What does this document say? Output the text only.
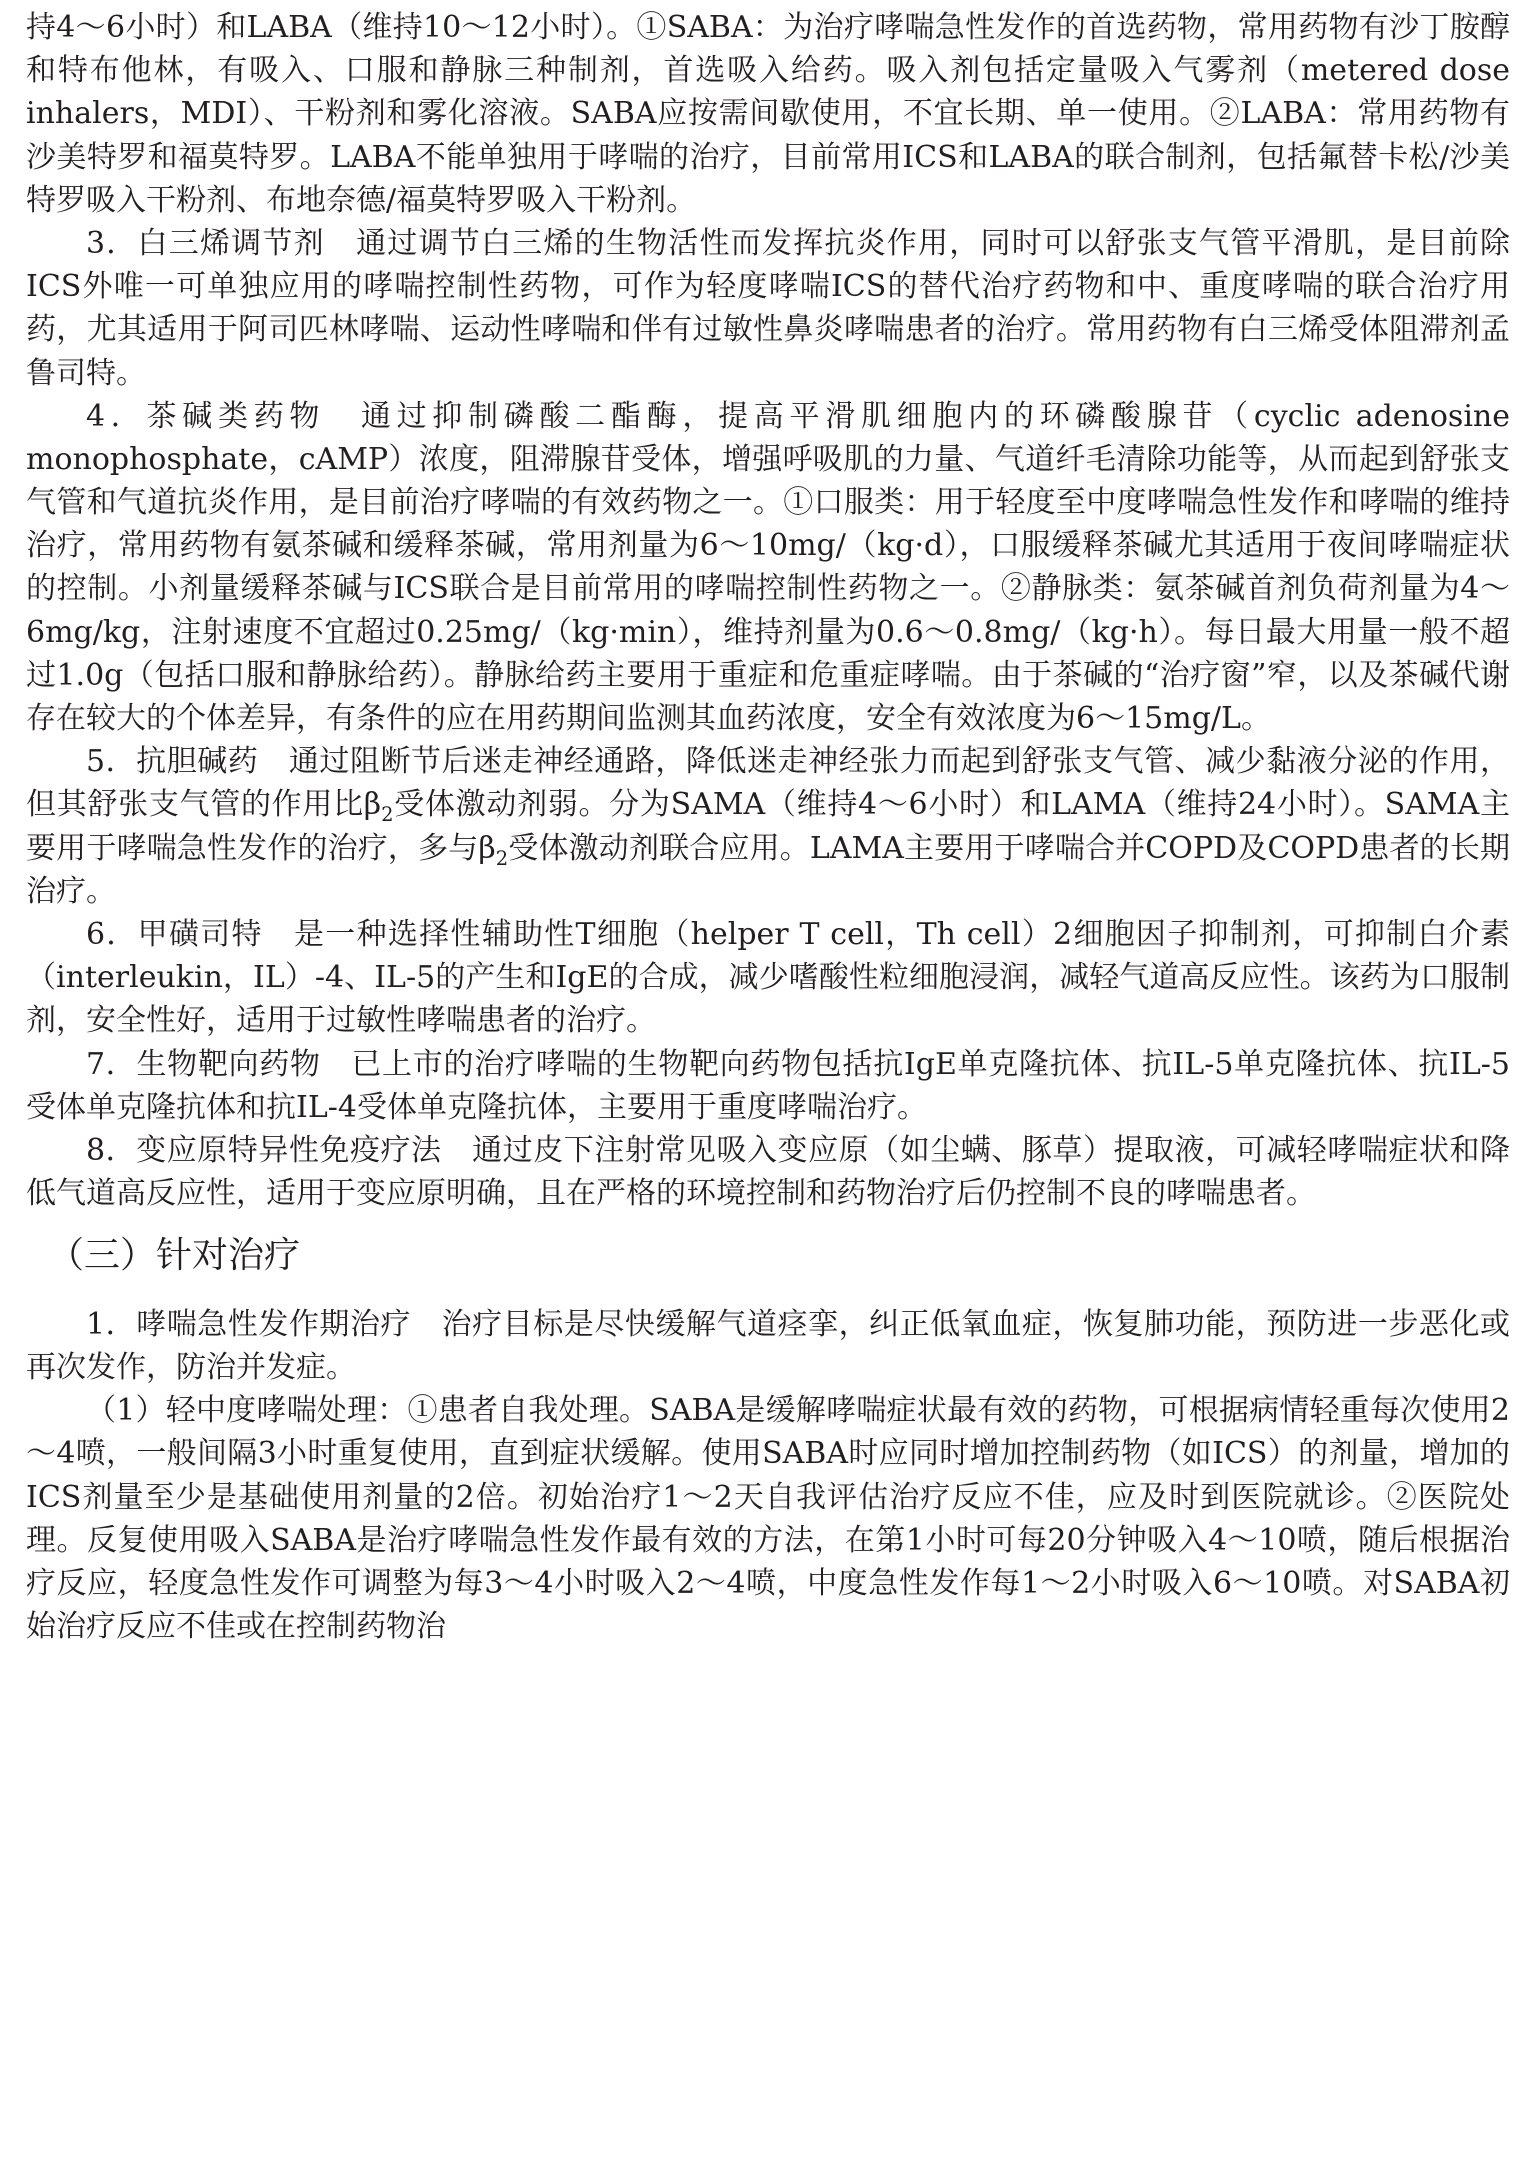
持4～6小时）和LABA（维持10～12小时）。①SABA：为治疗哮喘急性发作的首选药物，常用药物有沙丁胺醇和特布他林，有吸入、口服和静脉三种制剂，首选吸入给药。吸入剂包括定量吸入气雾剂（metered dose inhalers，MDI）、干粉剂和雾化溶液。SABA应按需间歇使用，不宜长期、单一使用。②LABA：常用药物有沙美特罗和福莫特罗。LABA不能单独用于哮喘的治疗，目前常用ICS和LABA的联合制剂，包括氟替卡松/沙美特罗吸入干粉剂、布地奈德/福莫特罗吸入干粉剂。

3．白三烯调节剂　通过调节白三烯的生物活性而发挥抗炎作用，同时可以舒张支气管平滑肌，是目前除ICS外唯一可单独应用的哮喘控制性药物，可作为轻度哮喘ICS的替代治疗药物和中、重度哮喘的联合治疗用药，尤其适用于阿司匹林哮喘、运动性哮喘和伴有过敏性鼻炎哮喘患者的治疗。常用药物有白三烯受体阻滞剂孟鲁司特。

4．茶碱类药物　通过抑制磷酸二酯酶，提高平滑肌细胞内的环磷酸腺苷（cyclic adenosine monophosphate，cAMP）浓度，阻滞腺苷受体，增强呼吸肌的力量、气道纤毛清除功能等，从而起到舒张支气管和气道抗炎作用，是目前治疗哮喘的有效药物之一。①口服类：用于轻度至中度哮喘急性发作和哮喘的维持治疗，常用药物有氨茶碱和缓释茶碱，常用剂量为6～10mg/（kg·d），口服缓释茶碱尤其适用于夜间哮喘症状的控制。小剂量缓释茶碱与ICS联合是目前常用的哮喘控制性药物之一。②静脉类：氨茶碱首剂负荷剂量为4～6mg/kg，注射速度不宜超过0.25mg/（kg·min），维持剂量为0.6～0.8mg/（kg·h）。每日最大用量一般不超过1.0g（包括口服和静脉给药）。静脉给药主要用于重症和危重症哮喘。由于茶碱的“治疗窗”窄，以及茶碱代谢存在较大的个体差异，有条件的应在用药期间监测其血药浓度，安全有效浓度为6～15mg/L。

5．抗胆碱药　通过阻断节后迷走神经通路，降低迷走神经张力而起到舒张支气管、减少黏液分泌的作用，但其舒张支气管的作用比$\beta_2$受体激动剂弱。分为SAMA（维持4～6小时）和LAMA（维持24小时）。SAMA主要用于哮喘急性发作的治疗，多与$\beta_2$受体激动剂联合应用。LAMA主要用于哮喘合并COPD及COPD患者的长期治疗。

6．甲磺司特　是一种选择性辅助性T细胞（helper T cell，Th cell）2细胞因子抑制剂，可抑制白介素（interleukin，IL）-4、IL-5的产生和IgE的合成，减少嗜酸性粒细胞浸润，减轻气道高反应性。该药为口服制剂，安全性好，适用于过敏性哮喘患者的治疗。

7．生物靶向药物　已上市的治疗哮喘的生物靶向药物包括抗IgE单克隆抗体、抗IL-5单克隆抗体、抗IL-5受体单克隆抗体和抗IL-4受体单克隆抗体，主要用于重度哮喘治疗。

8．变应原特异性免疫疗法　通过皮下注射常见吸入变应原（如尘螨、豚草）提取液，可减轻哮喘症状和降低气道高反应性，适用于变应原明确，且在严格的环境控制和药物治疗后仍控制不良的哮喘患者。

（三）针对治疗

1．哮喘急性发作期治疗　治疗目标是尽快缓解气道痉挛，纠正低氧血症，恢复肺功能，预防进一步恶化或再次发作，防治并发症。

（1）轻中度哮喘处理：①患者自我处理。SABA是缓解哮喘症状最有效的药物，可根据病情轻重每次使用2～4喷，一般间隔3小时重复使用，直到症状缓解。使用SABA时应同时增加控制药物（如ICS）的剂量，增加的ICS剂量至少是基础使用剂量的2倍。初始治疗1～2天自我评估治疗反应不佳，应及时到医院就诊。②医院处理。反复使用吸入SABA是治疗哮喘急性发作最有效的方法，在第1小时可每20分钟吸入4～10喷，随后根据治疗反应，轻度急性发作可调整为每3～4小时吸入2～4喷，中度急性发作每1～2小时吸入6～10喷。对SABA初始治疗反应不佳或在控制药物治
